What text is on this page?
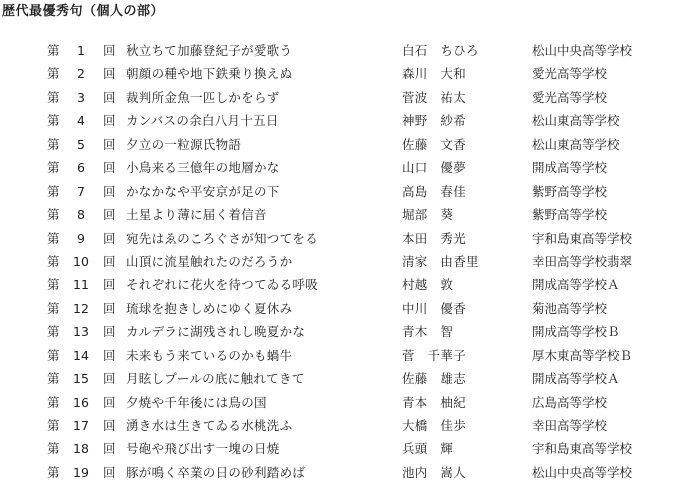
歴代最優秀句（個人の部）
第	1	回 秋立ちて加藤登紀子が愛歌う	白石　ちひろ	松山中央高等学校
第	2	回 朝顔の種や地下鉄乗り換えぬ	森川　大和	愛光高等学校
第	3	回 裁判所金魚一匹しかをらず	菅波　祐太	愛光高等学校
第	4	回 カンバスの余白八月十五日	神野　紗希	松山東高等学校
第	5	回 夕立の一粒源氏物語	佐藤　文香	松山東高等学校
第	6	回 小鳥来る三億年の地層かな	山口　優夢	開成高等学校
第	7	回 かなかなや平安京が足の下	高島　春佳	紫野高等学校
第	8	回 土星より薄に届く着信音	堀部　葵	紫野高等学校
第	9	回 宛先はゑのころぐさが知つてをる	本田　秀光	宇和島東高等学校
第 10 回 山頂に流星触れたのだろうか	清家　由香里	幸田高等学校翡翠
第 11 回 それぞれに花火を待つてゐる呼吸	村越　敦	開成高等学校Ａ
第 12 回 琉球を抱きしめにゆく夏休み	中川　優香	菊池高等学校
第 13 回 カルデラに湖残されし晩夏かな	青木　智	開成高等学校Ｂ
第 14 回 未来もう来ているのかも蝸牛	菅　千華子	厚木東高等学校Ｂ
第 15 回 月眩しプールの底に触れてきて	佐藤　雄志	開成高等学校Ａ
第 16 回 夕焼や千年後には鳥の国	青本　柚紀	広島高等学校
第 17 回 湧き水は生きてゐる水桃洗ふ	大橋　佳歩	幸田高等学校
第 18 回 号砲や飛び出す一塊の日焼	兵頭　輝	宇和島東高等学校
第 19 回 豚が鳴く卒業の日の砂利踏めば	池内　嵩人	松山中央高等学校
